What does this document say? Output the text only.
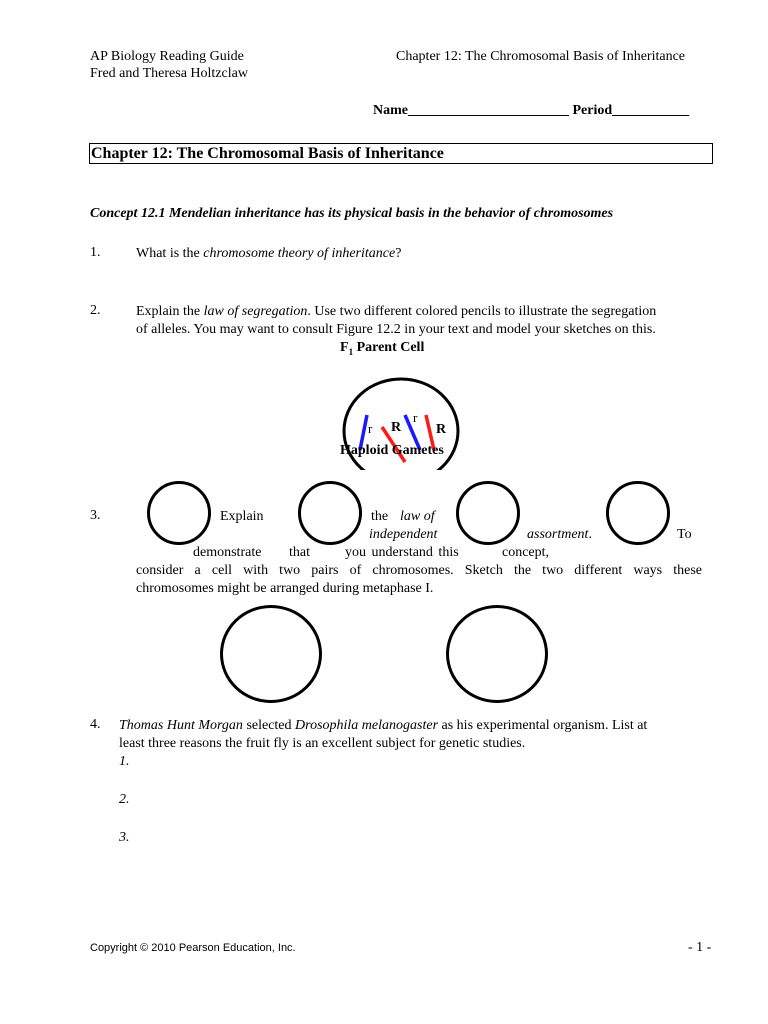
AP Biology Reading Guide
Fred and Theresa Holtzclaw
Chapter 12: The Chromosomal Basis of Inheritance
Name_______________________ Period___________
Chapter 12: The Chromosomal Basis of Inheritance
Concept 12.1 Mendelian inheritance has its physical basis in the behavior of chromosomes
1.	What is the chromosome theory of inheritance?
2.	Explain the law of segregation. Use two different colored pencils to illustrate the segregation
of alleles. You may want to consult Figure 12.2 in your text and model your sketches on this.
$F_1$ Parent Cell
r R
r
R
Haploid Gametes
3.	Explain	the law of
independent	assortment.	To
demonstrate that	you understand this	concept,
consider a cell with two pairs of chromosomes. Sketch the two different ways these
chromosomes might be arranged during metaphase I.
4. Thomas Hunt Morgan selected Drosophila melanogaster as his experimental organism. List at
least three reasons the fruit fly is an excellent subject for genetic studies.
1.
2.
3.
Copyright © 2010 Pearson Education, Inc.	- 1 -
